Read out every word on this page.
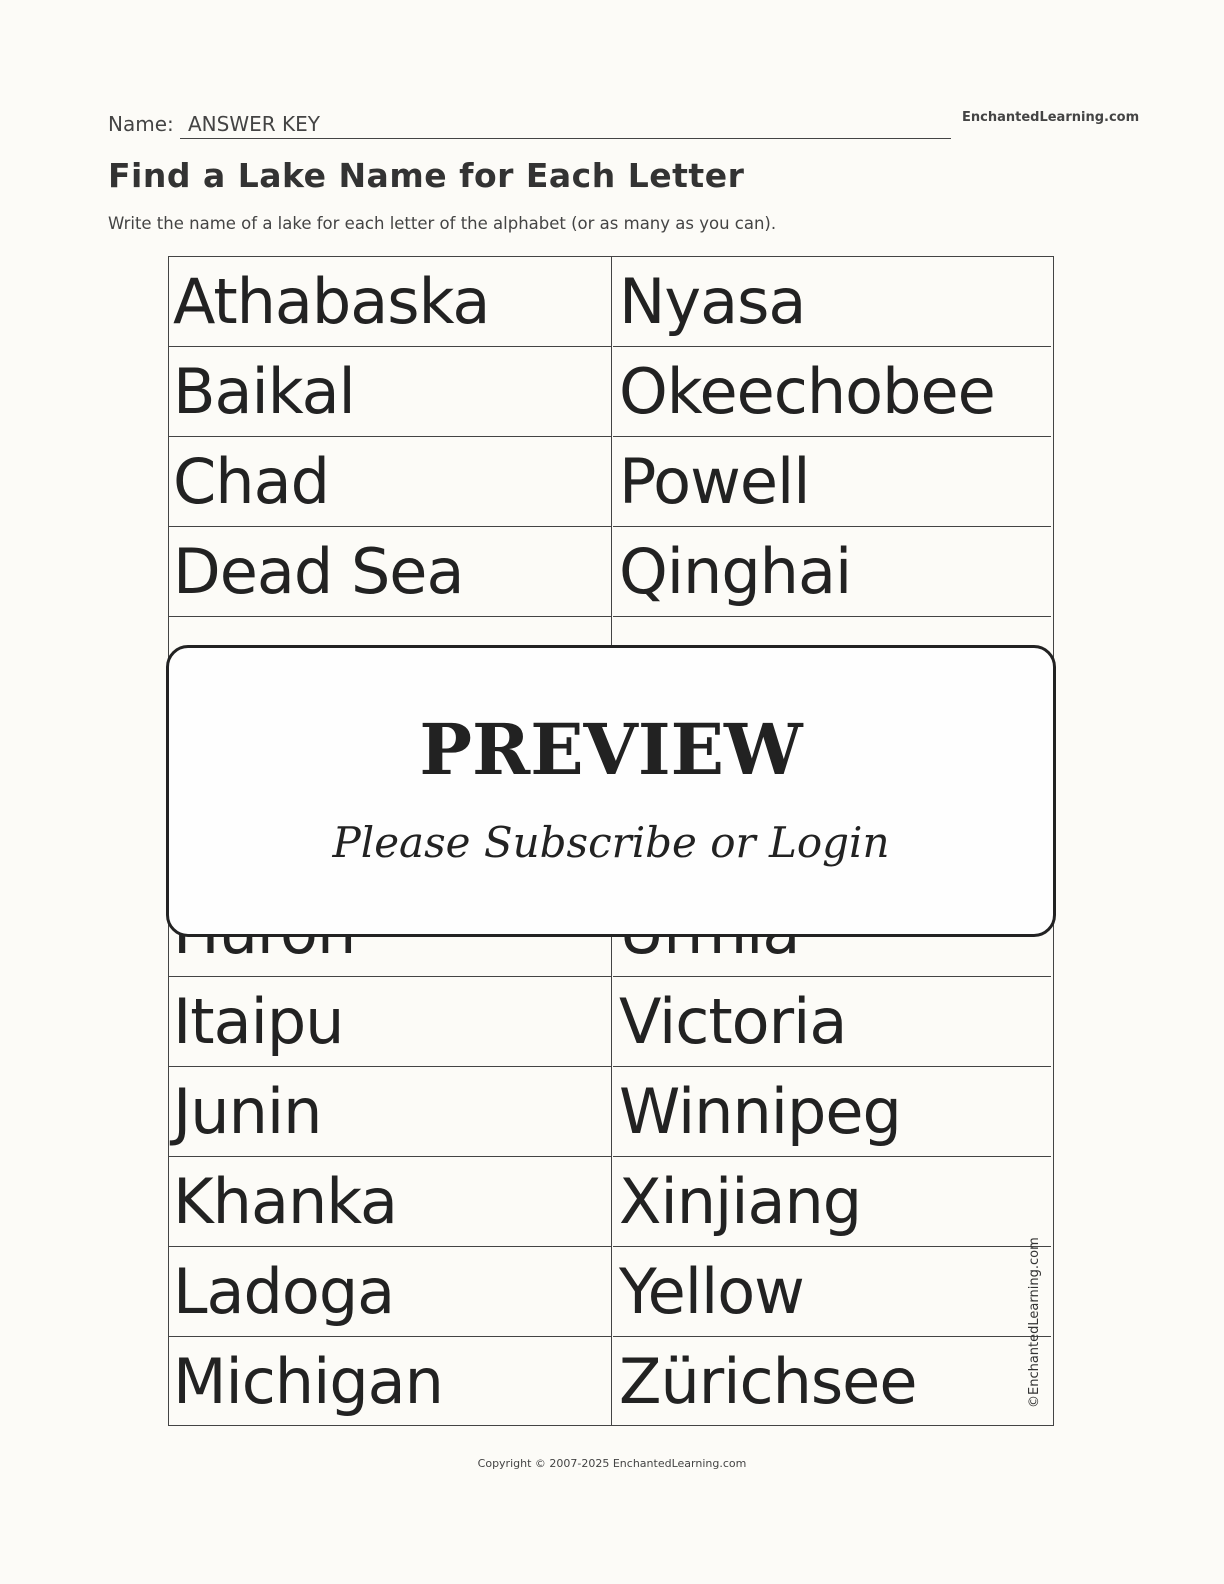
Name: ANSWER KEY	EnchantedLearning.com
Find a Lake Name for Each Letter

Write the name of a lake for each letter of the alphabet (or as many as you can).

Athabaska
Baikal
Chad
Dead Sea
Itaipu
Junin
Khanka
Ladoga
Michigan
Nyasa
Okeechobee
Powell
Qinghai
Victoria
Winnipeg
Xinjiang
Yellow
Zürichsee
PREVIEW
Please Subscribe or Login
©EnchantedLearning.com
Copyright © 2007-2025 EnchantedLearning.com
